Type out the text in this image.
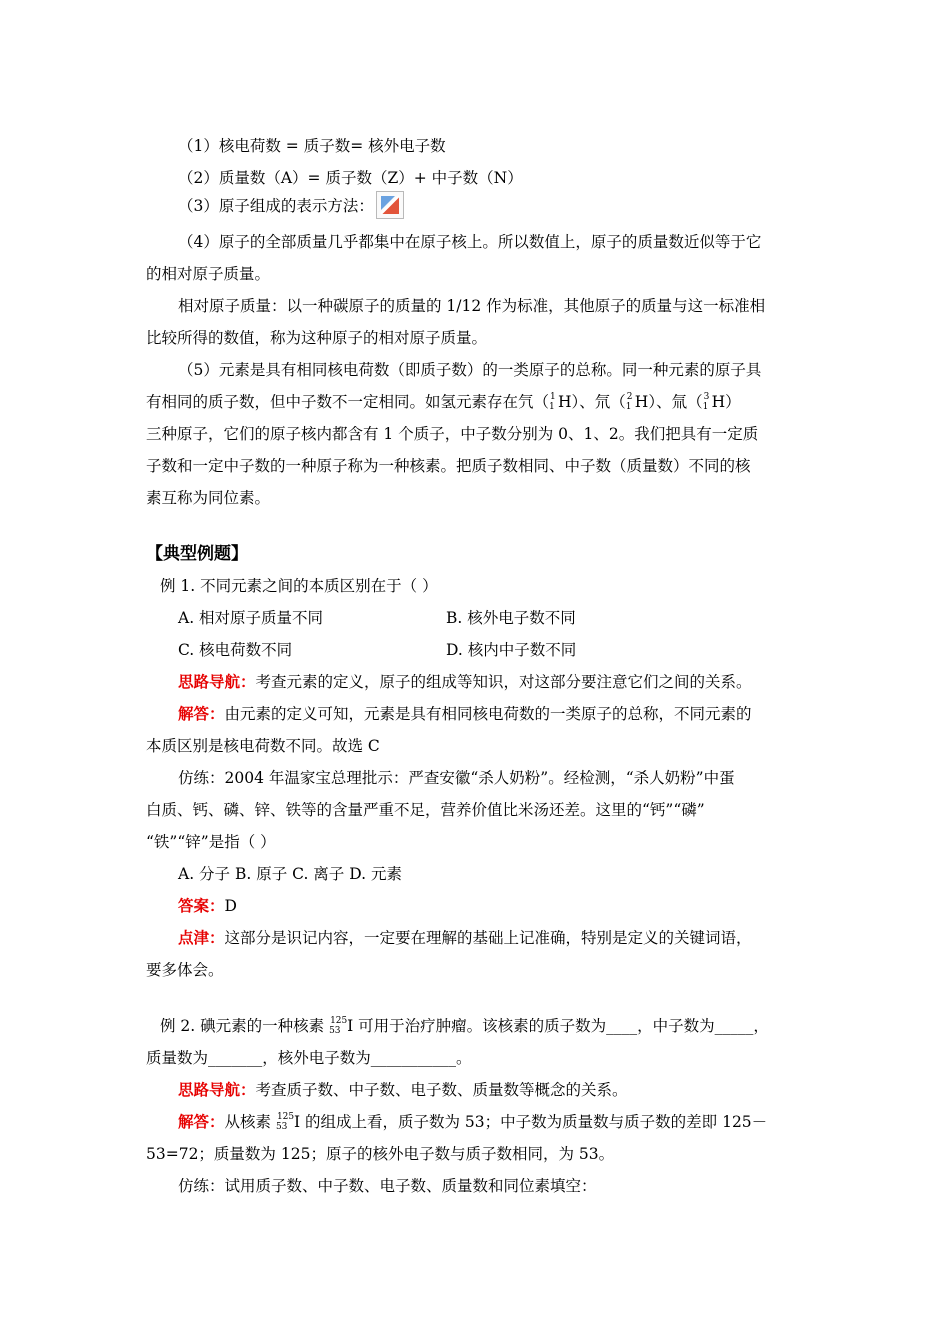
（1）核电荷数 = 质子数= 核外电子数
（2）质量数（A）= 质子数（Z）+ 中子数（N）
（3）原子组成的表示方法：
（4）原子的全部质量几乎都集中在原子核上。所以数值上，原子的质量数近似等于它
的相对原子质量。
相对原子质量：以一种碳原子的质量的 1/12 作为标准，其他原子的质量与这一标准相
比较所得的数值，称为这种原子的相对原子质量。
（5）元素是具有相同核电荷数（即质子数）的一类原子的总称。同一种元素的原子具
有相同的质子数，但中子数不一定相同。如氢元素存在氕（ 1
1 H）、氘（ 2
1 H）、氚（ 3
1 H）
三种原子，它们的原子核内都含有 1 个质子，中子数分别为 0、1、2。我们把具有一定质
子数和一定中子数的一种原子称为一种核素。把质子数相同、中子数（质量数）不同的核
素互称为同位素。
【典型例题】
例 1. 不同元素之间的本质区别在于（ ）
A. 相对原子质量不同	B. 核外电子数不同
C. 核电荷数不同	D. 核内中子数不同
思路导航：考查元素的定义，原子的组成等知识，对这部分要注意它们之间的关系。
解答：由元素的定义可知，元素是具有相同核电荷数的一类原子的总称，不同元素的
本质区别是核电荷数不同。故选 C
仿练：2004 年温家宝总理批示：严查安徽“杀人奶粉”。经检测，“杀人奶粉”中蛋
白质、钙、磷、锌、铁等的含量严重不足，营养价值比米汤还差。这里的“钙”“磷”
“铁”“锌”是指（ ）
A. 分子 B. 原子 C. 离子 D. 元素
答案：D
点津：这部分是识记内容，一定要在理解的基础上记准确，特别是定义的关键词语，
要多体会。
例 2. 碘元素的一种核素 125
53 I 可用于治疗肿瘤。该核素的质子数为____，中子数为_____，
质量数为_______，核外电子数为___________。
思路导航：考查质子数、中子数、电子数、质量数等概念的关系。
解答：从核素 125
53 I 的组成上看，质子数为 53；中子数为质量数与质子数的差即 125－
53=72；质量数为 125；原子的核外电子数与质子数相同，为 53。
仿练：试用质子数、中子数、电子数、质量数和同位素填空：
